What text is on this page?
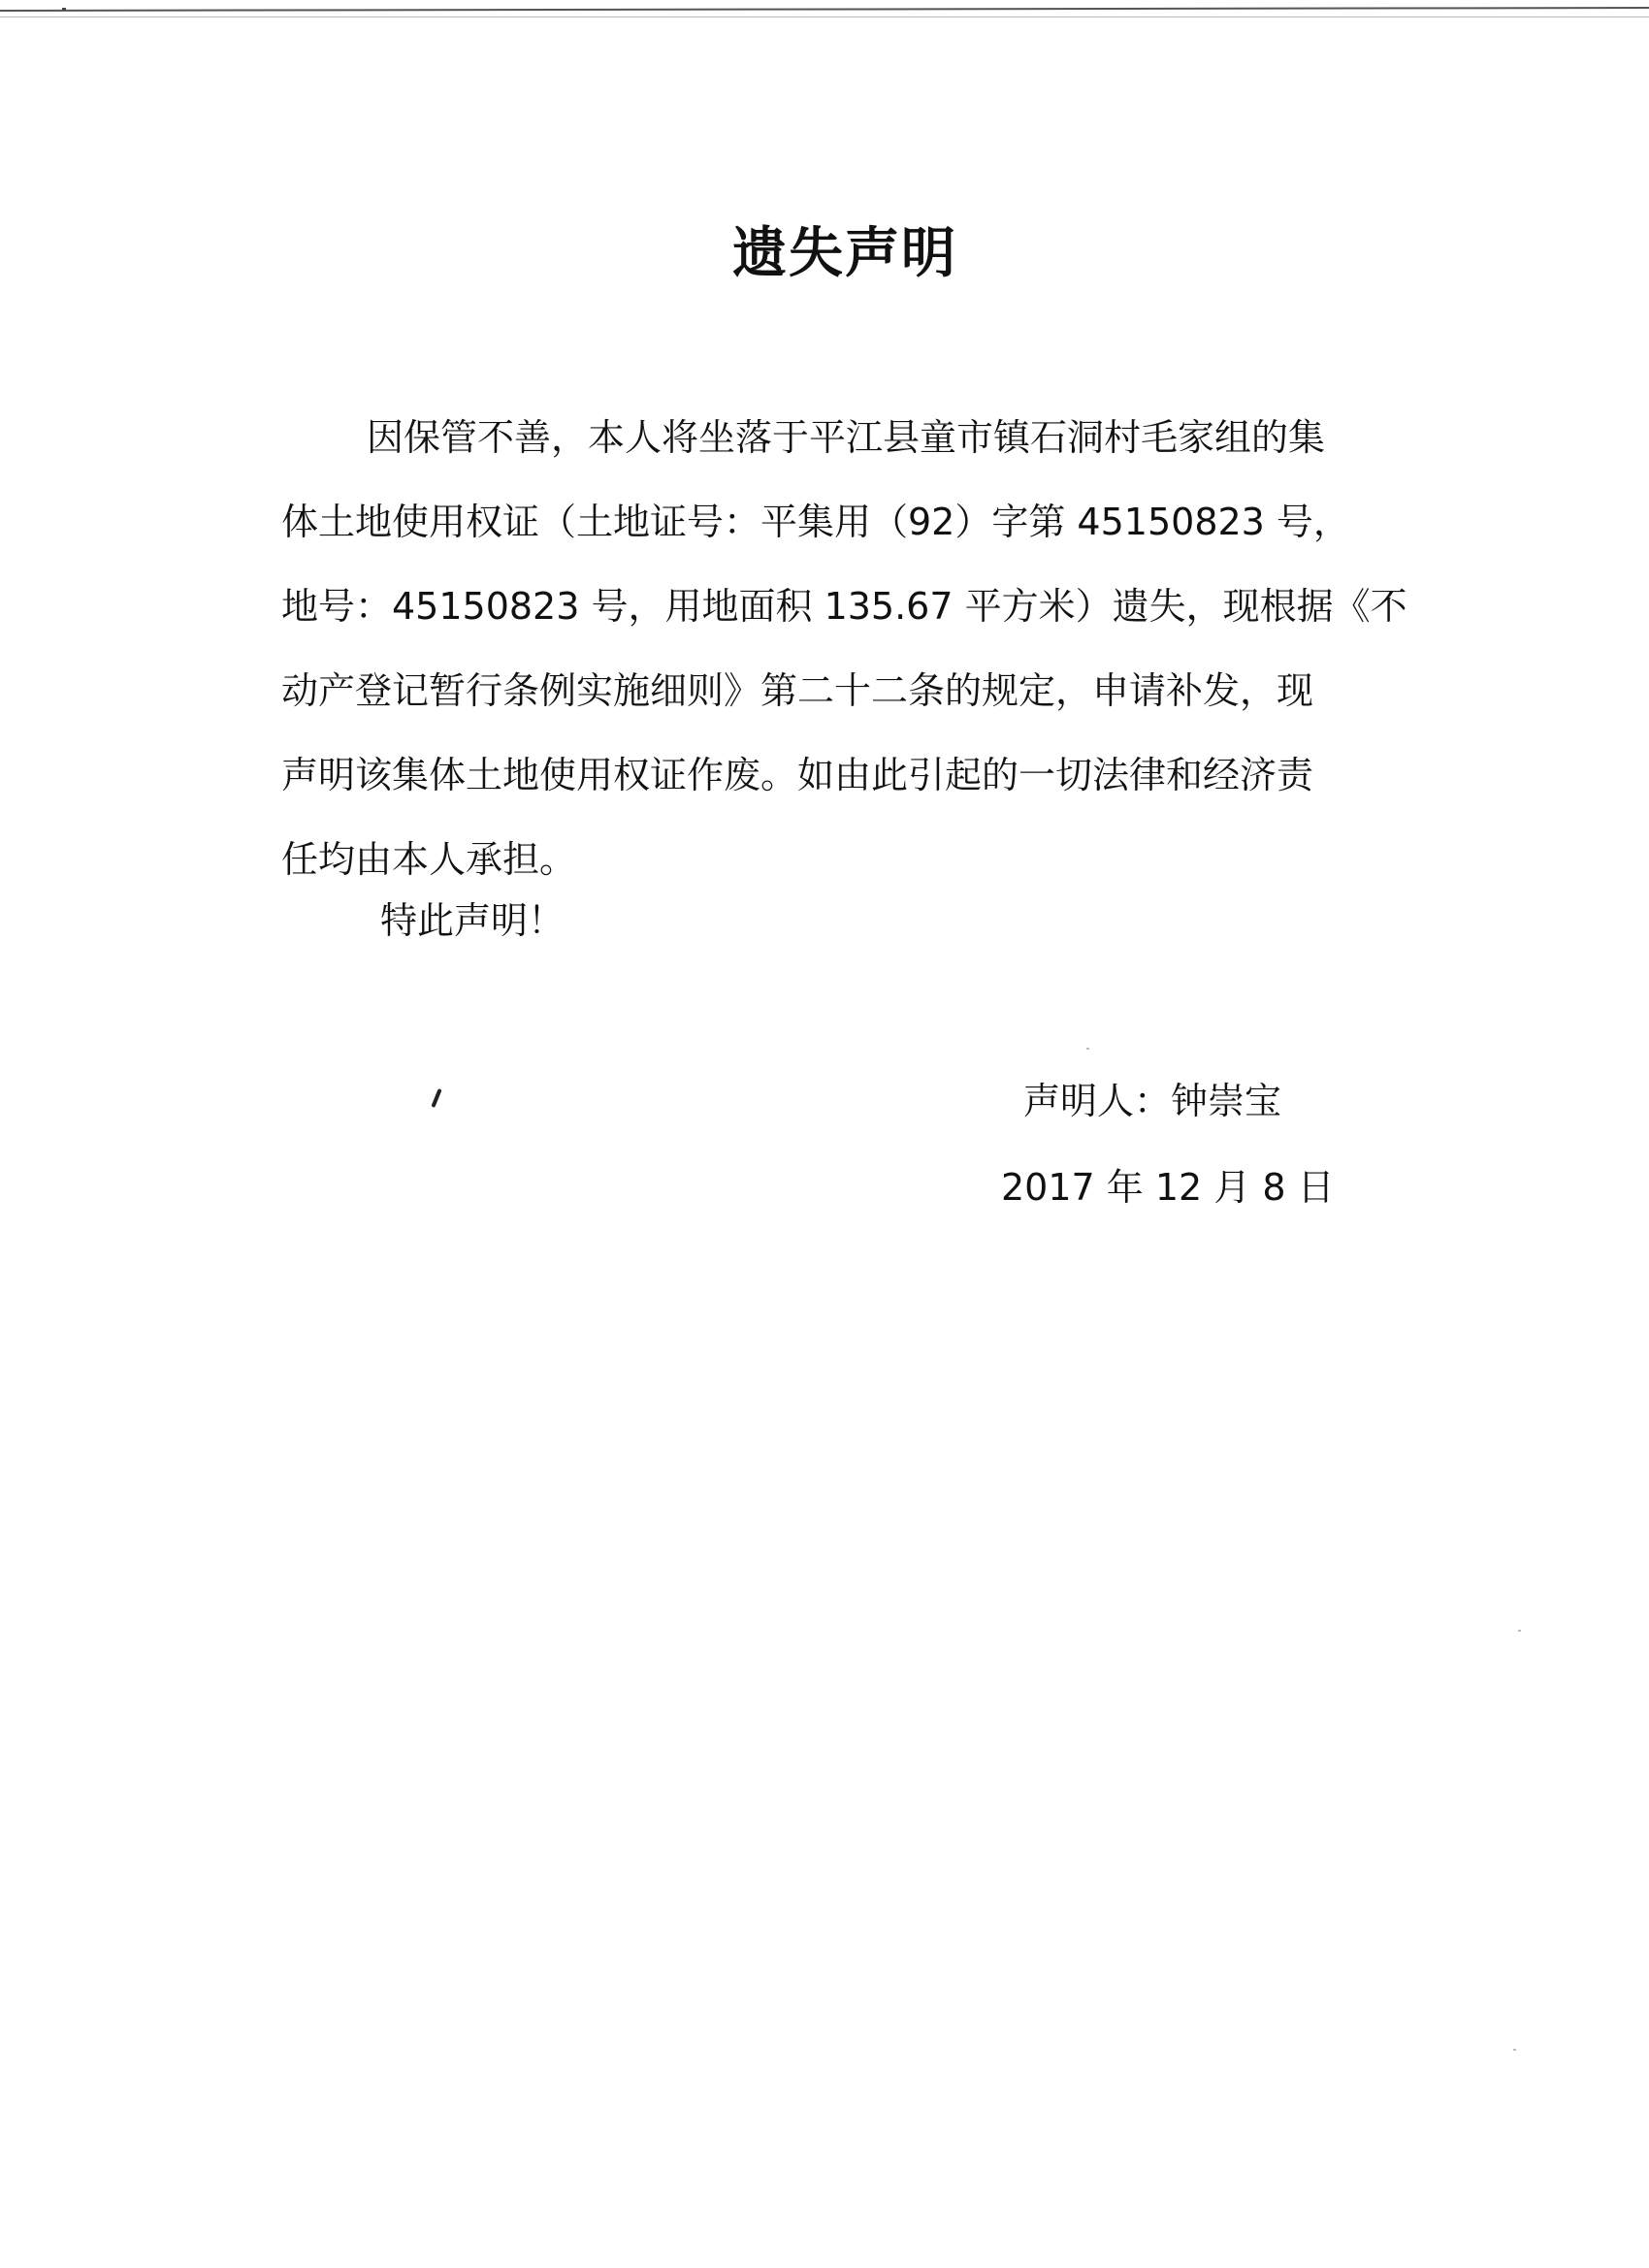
遗失声明
因保管不善，本人将坐落于平江县童市镇石洞村毛家组的集
体土地使用权证（土地证号：平集用（92）字第 45150823 号，
地号：45150823 号，用地面积 135.67 平方米）遗失，现根据《不
动产登记暂行条例实施细则》第二十二条的规定，申请补发，现
声明该集体土地使用权证作废。如由此引起的一切法律和经济责
任均由本人承担。
特此声明！
声明人：钟崇宝
2017 年 12 月 8 日
